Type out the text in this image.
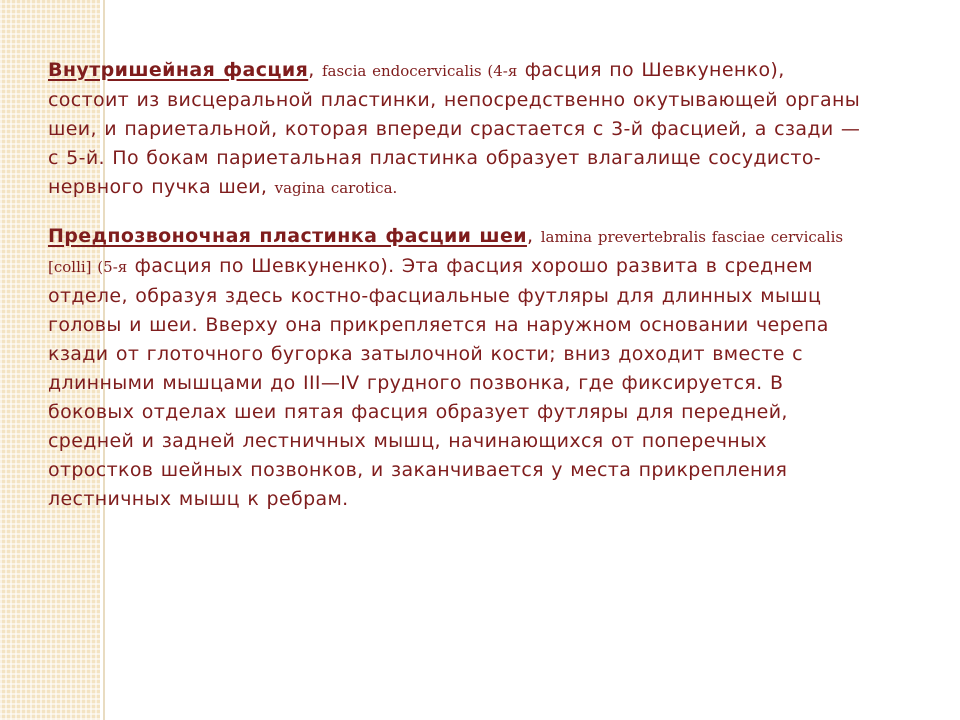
Внутришейная фасция, fascia endocervicalis (4-я фасция по Шевкуненко), состоит из висцеральной пластинки, непосредственно окутывающей органы шеи, и париетальной, которая впереди срастается с 3-й фасцией, а сзади — с 5-й. По бокам париетальная пластинка образует влагалище сосудисто-нервного пучка шеи, vagina carotica.

Предпозвоночная пластинка фасции шеи, lamina prevertebralis fasciae cervicalis [colli] (5-я фасция по Шевкуненко). Эта фасция хорошо развита в среднем отделе, образуя здесь костно-фасциальные футляры для длинных мышц головы и шеи. Вверху она прикрепляется на наружном основании черепа кзади от глоточного бугорка затылочной кости; вниз доходит вместе с длинными мышцами до III—IV грудного позвонка, где фиксируется. В боковых отделах шеи пятая фасция образует футляры для передней, средней и задней лестничных мышц, начинающихся от поперечных отростков шейных позвонков, и заканчивается у места прикрепления лестничных мышц к ребрам.
